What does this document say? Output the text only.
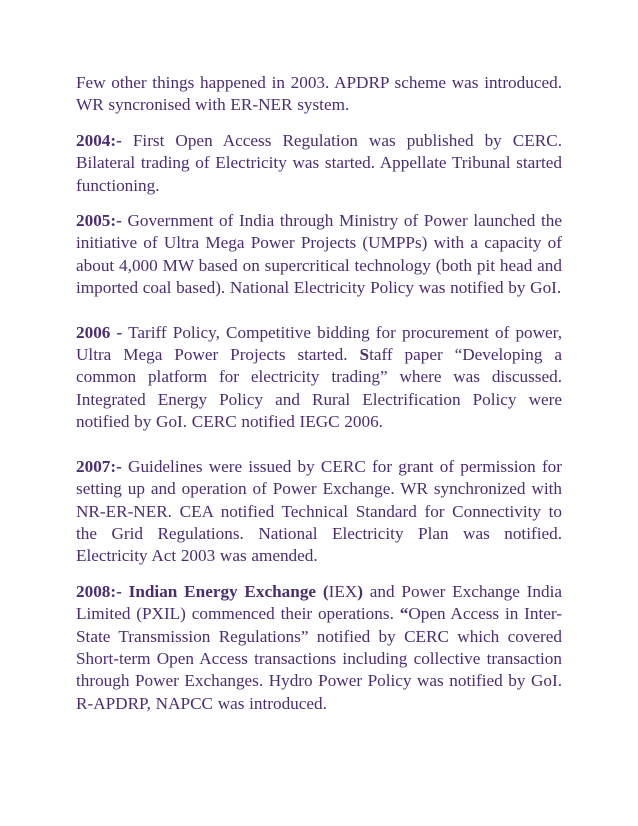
Few other things happened in 2003. APDRP scheme was introduced. WR syncronised with ER-NER system.

2004:- First Open Access Regulation was published by CERC. Bilateral trading of Electricity was started. Appellate Tribunal started functioning.

2005:- Government of India through Ministry of Power launched the initiative of Ultra Mega Power Projects (UMPPs) with a capacity of about 4,000 MW based on supercritical technology (both pit head and imported coal based). National Electricity Policy was notified by GoI.

2006 - Tariff Policy, Competitive bidding for procurement of power, Ultra Mega Power Projects started. Staff paper “Developing a common platform for electricity trading” where was discussed. Integrated Energy Policy and Rural Electrification Policy were notified by GoI. CERC notified IEGC 2006.

2007:- Guidelines were issued by CERC for grant of permission for setting up and operation of Power Exchange. WR synchronized with NR-ER-NER. CEA notified Technical Standard for Connectivity to the Grid Regulations. National Electricity Plan was notified. Electricity Act 2003 was amended.

2008:- Indian Energy Exchange (IEX) and Power Exchange India Limited (PXIL) commenced their operations. “Open Access in Inter-State Transmission Regulations” notified by CERC which covered Short-term Open Access transactions including collective transaction through Power Exchanges. Hydro Power Policy was notified by GoI. R-APDRP, NAPCC was introduced.
